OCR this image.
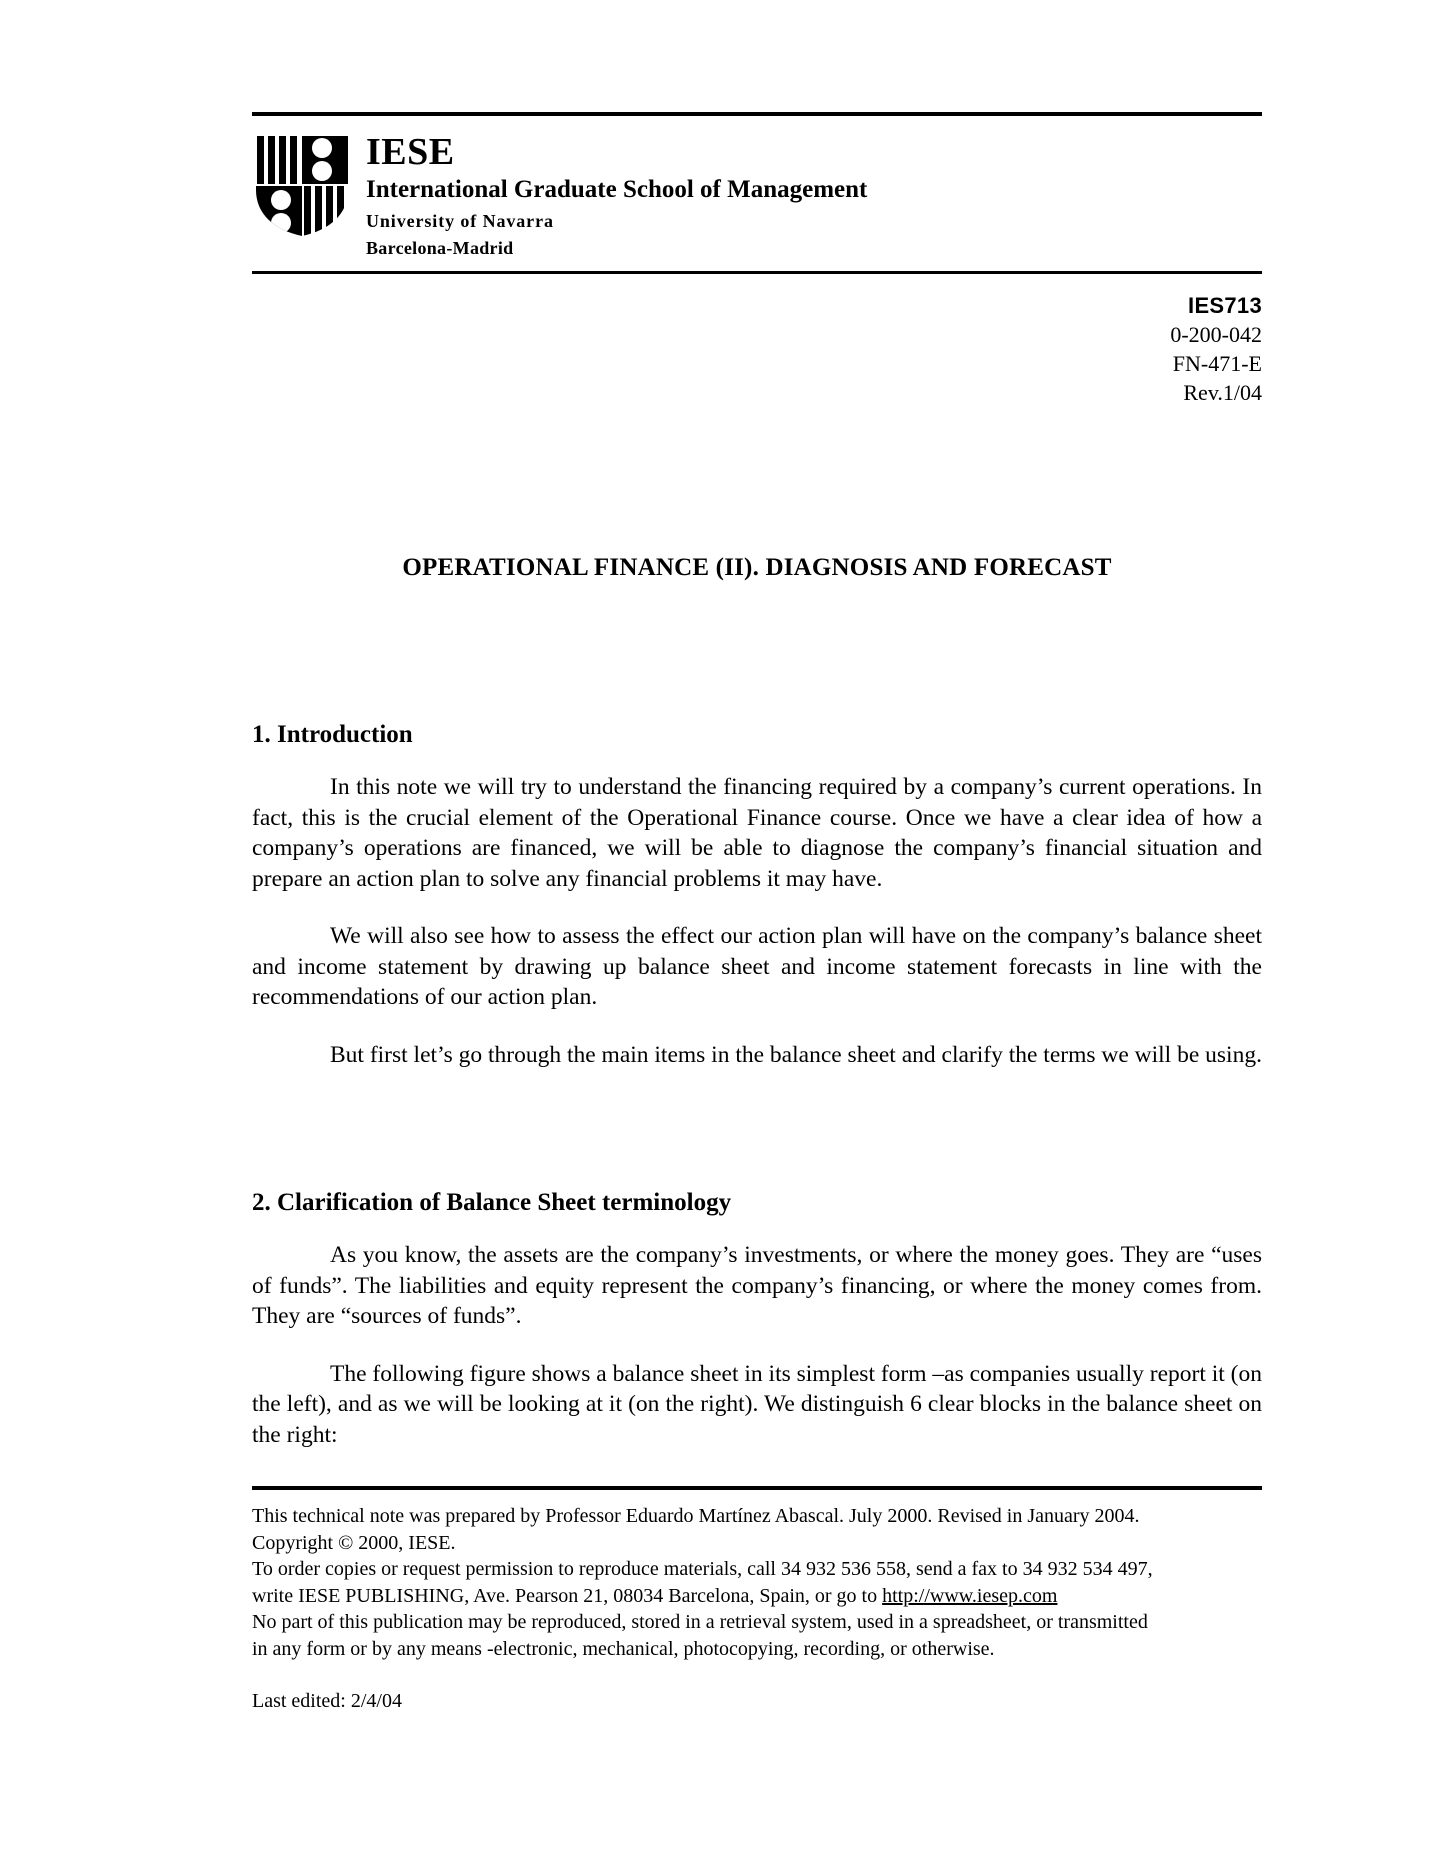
IESE
International Graduate School of Management
University of Navarra
Barcelona-Madrid
IES713
0-200-042
FN-471-E
Rev.1/04
OPERATIONAL FINANCE (II). DIAGNOSIS AND FORECAST
1. Introduction

In this note we will try to understand the financing required by a company’s current operations. In fact, this is the crucial element of the Operational Finance course. Once we have a clear idea of how a company’s operations are financed, we will be able to diagnose the company’s financial situation and prepare an action plan to solve any financial problems it may have.

We will also see how to assess the effect our action plan will have on the company’s balance sheet and income statement by drawing up balance sheet and income statement forecasts in line with the recommendations of our action plan.

But first let’s go through the main items in the balance sheet and clarify the terms we will be using.

2. Clarification of Balance Sheet terminology

As you know, the assets are the company’s investments, or where the money goes. They are “uses of funds”. The liabilities and equity represent the company’s financing, or where the money comes from. They are “sources of funds”.

The following figure shows a balance sheet in its simplest form –as companies usually report it (on the left), and as we will be looking at it (on the right). We distinguish 6 clear blocks in the balance sheet on the right:

This technical note was prepared by Professor Eduardo Martínez Abascal. July 2000. Revised in January 2004.
Copyright © 2000, IESE.
To order copies or request permission to reproduce materials, call 34 932 536 558, send a fax to 34 932 534 497,
write IESE PUBLISHING, Ave. Pearson 21, 08034 Barcelona, Spain, or go to http://www.iesep.com
No part of this publication may be reproduced, stored in a retrieval system, used in a spreadsheet, or transmitted
in any form or by any means -electronic, mechanical, photocopying, recording, or otherwise.
Last edited: 2/4/04
